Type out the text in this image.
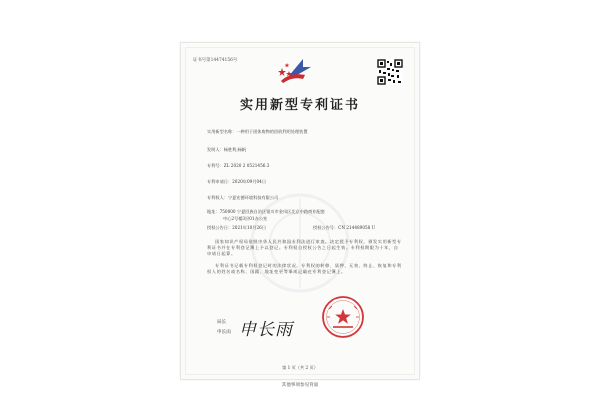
证书号第14474156号
实用新型专利证书
实用新型名称：一种用于固体废物的回收利用处理装置
发明人：杨胜利;杨帆
专利号：ZL 2020 2 0521456.3
专利申请日：2020年09月04日
专利权人：宁夏宏德环境科技有限公司
地址：750000 宁夏回族自治区银川市金凤区北京中路商业配套
中心2号楼3层01办公室
授权公告日：2021年10月26日	授权公告号：CN 214489058 U
国家知识产权局依照中华人民共和国专利法进行审查，决定授予专利权，颁发实用新型专利证书并在专利登记簿上予以登记。专利权自授权公告之日起生效。专利权期限为十年，自申请日起算。
专利证书记载专利权登记时的法律状况。专利权的转移、质押、无效、终止、恢复和专利权人的姓名或名称、国籍、地址变更等事项记载在专利登记簿上。
局长
申长雨 申长雨
第 1 页（共 2 页）
其他事项参见背面
